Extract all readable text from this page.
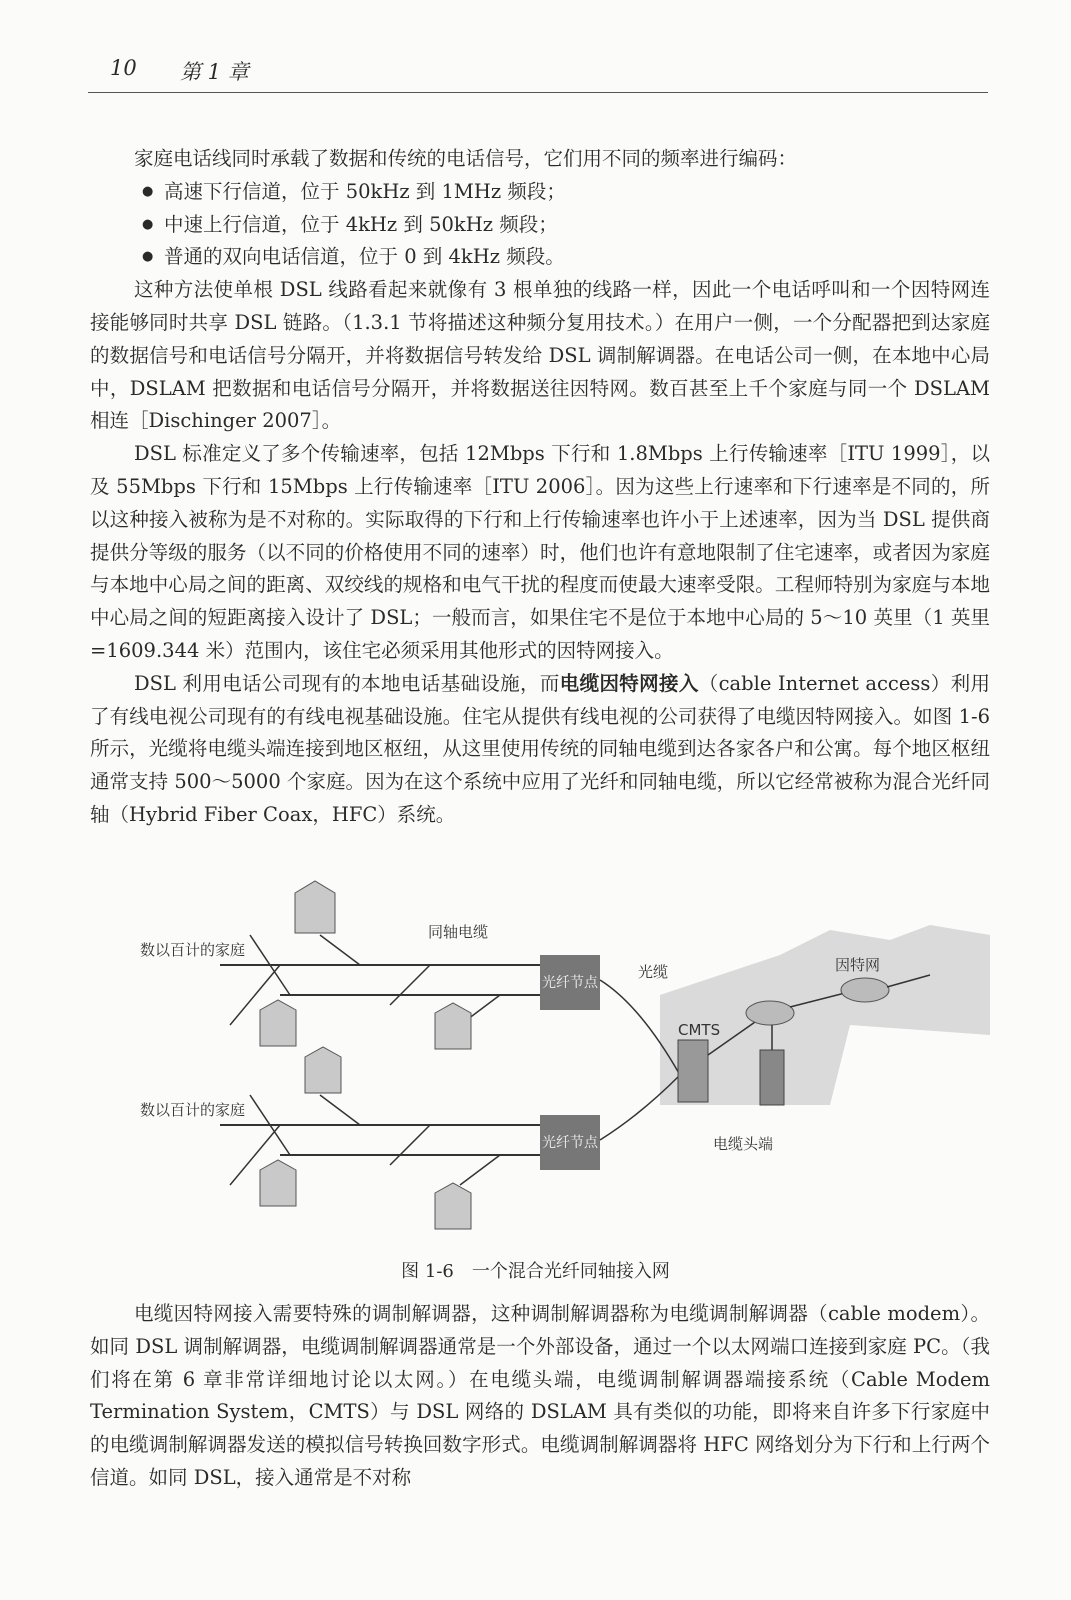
10 第 1 章

家庭电话线同时承载了数据和传统的电话信号，它们用不同的频率进行编码：

● 高速下行信道，位于 50kHz 到 1MHz 频段；
● 中速上行信道，位于 4kHz 到 50kHz 频段；
● 普通的双向电话信道，位于 0 到 4kHz 频段。

这种方法使单根 DSL 线路看起来就像有 3 根单独的线路一样，因此一个电话呼叫和一个因特网连接能够同时共享 DSL 链路。（1.3.1 节将描述这种频分复用技术。）在用户一侧，一个分配器把到达家庭的数据信号和电话信号分隔开，并将数据信号转发给 DSL 调制解调器。在电话公司一侧，在本地中心局中，DSLAM 把数据和电话信号分隔开，并将数据送往因特网。数百甚至上千个家庭与同一个 DSLAM 相连［Dischinger 2007］。

DSL 标准定义了多个传输速率，包括 12Mbps 下行和 1.8Mbps 上行传输速率［ITU 1999］，以及 55Mbps 下行和 15Mbps 上行传输速率［ITU 2006］。因为这些上行速率和下行速率是不同的，所以这种接入被称为是不对称的。实际取得的下行和上行传输速率也许小于上述速率，因为当 DSL 提供商提供分等级的服务（以不同的价格使用不同的速率）时，他们也许有意地限制了住宅速率，或者因为家庭与本地中心局之间的距离、双绞线的规格和电气干扰的程度而使最大速率受限。工程师特别为家庭与本地中心局之间的短距离接入设计了 DSL；一般而言，如果住宅不是位于本地中心局的 5～10 英里（1 英里 =1609.344 米）范围内，该住宅必须采用其他形式的因特网接入。

DSL 利用电话公司现有的本地电话基础设施，而电缆因特网接入（cable Internet access）利用了有线电视公司现有的有线电视基础设施。住宅从提供有线电视的公司获得了电缆因特网接入。如图 1-6 所示，光缆将电缆头端连接到地区枢纽，从这里使用传统的同轴电缆到达各家各户和公寓。每个地区枢纽通常支持 500～5000 个家庭。因为在这个系统中应用了光纤和同轴电缆，所以它经常被称为混合光纤同轴（Hybrid Fiber Coax，HFC）系统。

数以百计的家庭
数以百计的家庭
同轴电缆
光缆
光纤节点
光纤节点
CMTS
因特网
电缆头端
图 1-6　一个混合光纤同轴接入网

电缆因特网接入需要特殊的调制解调器，这种调制解调器称为电缆调制解调器（cable modem）。如同 DSL 调制解调器，电缆调制解调器通常是一个外部设备，通过一个以太网端口连接到家庭 PC。（我们将在第 6 章非常详细地讨论以太网。）在电缆头端，电缆调制解调器端接系统（Cable Modem Termination System，CMTS）与 DSL 网络的 DSLAM 具有类似的功能，即将来自许多下行家庭中的电缆调制解调器发送的模拟信号转换回数字形式。电缆调制解调器将 HFC 网络划分为下行和上行两个信道。如同 DSL，接入通常是不对称
